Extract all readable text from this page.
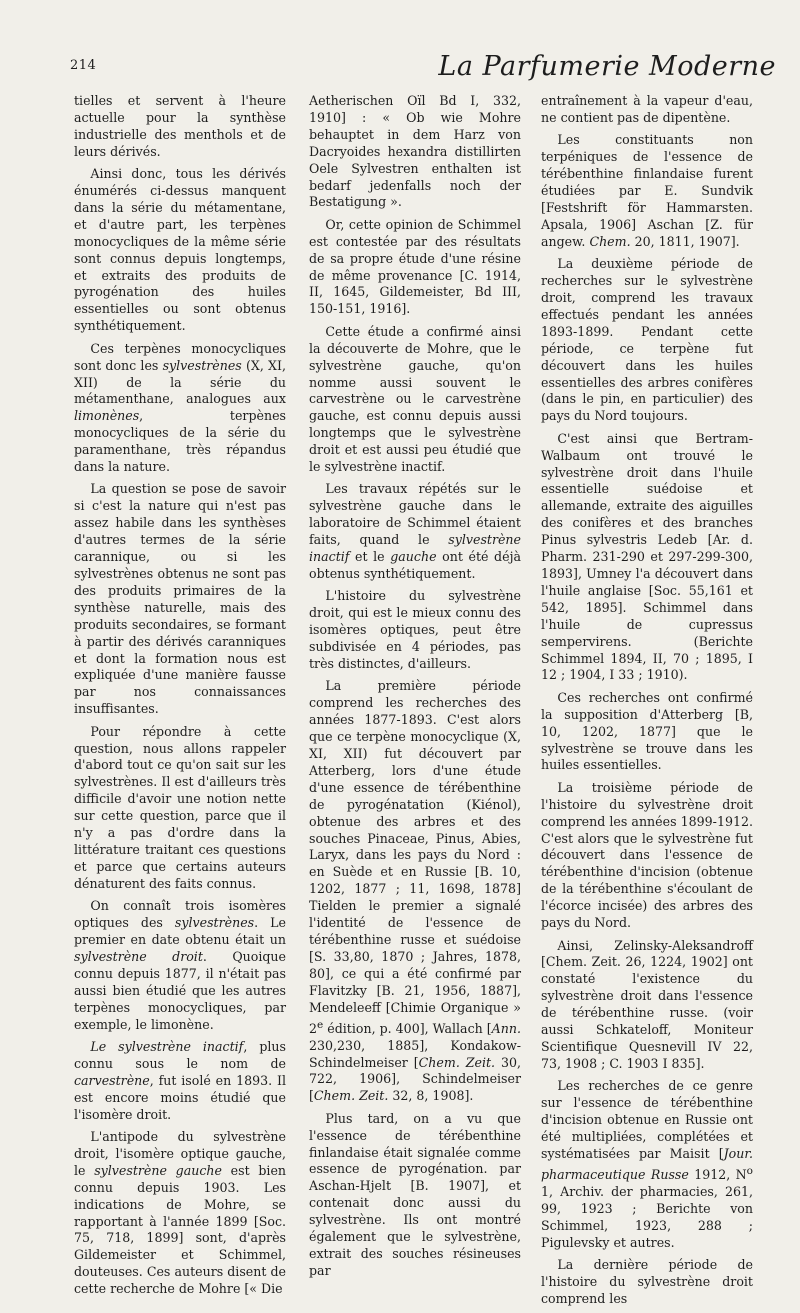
214	La Parfumerie Moderne

tielles et servent à l'heure actuelle pour la synthèse industrielle des menthols et de leurs dérivés.

Ainsi donc, tous les dérivés énumérés ci-dessus manquent dans la série du métamentane, et d'autre part, les terpènes monocycliques de la même série sont connus depuis longtemps, et extraits des produits de pyrogénation des huiles essentielles ou sont obtenus synthétiquement.

Ces terpènes monocycliques sont donc les sylvestrènes (X, XI, XII) de la série du métamenthane, analogues aux limonènes, terpènes monocycliques de la série du paramenthane, très répandus dans la nature.

La question se pose de savoir si c'est la nature qui n'est pas assez habile dans les synthèses d'autres termes de la série carannique, ou si les sylvestrènes obtenus ne sont pas des produits primaires de la synthèse naturelle, mais des produits secondaires, se formant à partir des dérivés caranniques et dont la formation nous est expliquée d'une manière fausse par nos connaissances insuffisantes.

Pour répondre à cette question, nous allons rappeler d'abord tout ce qu'on sait sur les sylvestrènes. Il est d'ailleurs très difficile d'avoir une notion nette sur cette question, parce que il n'y a pas d'ordre dans la littérature traitant ces questions et parce que certains auteurs dénaturent des faits connus.

On connaît trois isomères optiques des sylvestrènes. Le premier en date obtenu était un sylvestrène droit. Quoique connu depuis 1877, il n'était pas aussi bien étudié que les autres terpènes monocycliques, par exemple, le limonène.

Le sylvestrène inactif, plus connu sous le nom de carvestrène, fut isolé en 1893. Il est encore moins étudié que l'isomère droit.

L'antipode du sylvestrène droit, l'isomère optique gauche, le sylvestrène gauche est bien connu depuis 1903. Les indications de Mohre, se rapportant à l'année 1899 [Soc. 75, 718, 1899] sont, d'après Gildemeister et Schimmel, douteuses. Ces auteurs disent de cette recherche de Mohre [« Die

Aetherischen Oïl Bd I, 332, 1910] : « Ob wie Mohre behauptet in dem Harz von Dacryoides hexandra distillirten Oele Sylvestren enthalten ist bedarf jedenfalls noch der Bestatigung ».

Or, cette opinion de Schimmel est contestée par des résultats de sa propre étude d'une résine de même provenance [C. 1914, II, 1645, Gildemeister, Bd III, 150-151, 1916].

Cette étude a confirmé ainsi la découverte de Mohre, que le sylvestrène gauche, qu'on nomme aussi souvent le carvestrène ou le carvestrène gauche, est connu depuis aussi longtemps que le sylvestrène droit et est aussi peu étudié que le sylvestrène inactif.

Les travaux répétés sur le sylvestrène gauche dans le laboratoire de Schimmel étaient faits, quand le sylvestrène inactif et le gauche ont été déjà obtenus synthétiquement.

L'histoire du sylvestrène droit, qui est le mieux connu des isomères optiques, peut être subdivisée en 4 périodes, pas très distinctes, d'ailleurs.

La première période comprend les recherches des années 1877-1893. C'est alors que ce terpène monocyclique (X, XI, XII) fut découvert par Atterberg, lors d'une étude d'une essence de térébenthine de pyrogénatation (Kiénol), obtenue des arbres et des souches Pinaceae, Pinus, Abies, Laryx, dans les pays du Nord : en Suède et en Russie [B. 10, 1202, 1877 ; 11, 1698, 1878] Tielden le premier a signalé l'identité de l'essence de térébenthine russe et suédoise [S. 33,80, 1870 ; Jahres, 1878, 80], ce qui a été confirmé par Flavitzky [B. 21, 1956, 1887], Mendeleeff [Chimie Organique » 2e édition, p. 400], Wallach [Ann. 230,230, 1885], Kondakow-Schindelmeiser [Chem. Zeit. 30, 722, 1906], Schindelmeiser [Chem. Zeit. 32, 8, 1908].

Plus tard, on a vu que l'essence de térébenthine finlandaise était signalée comme essence de pyrogénation. par Aschan-Hjelt [B. 1907], et contenait donc aussi du sylvestrène. Ils ont montré également que le sylvestrène, extrait des souches résineuses par

entraînement à la vapeur d'eau, ne contient pas de dipentène.

Les constituants non terpéniques de l'essence de térébenthine finlandaise furent étudiées par E. Sundvik [Festshrift för Hammarsten. Apsala, 1906] Aschan [Z. für angew. Chem. 20, 1811, 1907].

La deuxième période de recherches sur le sylvestrène droit, comprend les travaux effectués pendant les années 1893-1899. Pendant cette période, ce terpène fut découvert dans les huiles essentielles des arbres conifères (dans le pin, en particulier) des pays du Nord toujours.

C'est ainsi que Bertram-Walbaum ont trouvé le sylvestrène droit dans l'huile essentielle suédoise et allemande, extraite des aiguilles des conifères et des branches Pinus sylvestris Ledeb [Ar. d. Pharm. 231-290 et 297-299-300, 1893], Umney l'a découvert dans l'huile anglaise [Soc. 55,161 et 542, 1895]. Schimmel dans l'huile de cupressus sempervirens. (Berichte Schimmel 1894, II, 70 ; 1895, I 12 ; 1904, I 33 ; 1910).

Ces recherches ont confirmé la supposition d'Atterberg [B, 10, 1202, 1877] que le sylvestrène se trouve dans les huiles essentielles.

La troisième période de l'histoire du sylvestrène droit comprend les années 1899-1912. C'est alors que le sylvestrène fut découvert dans l'essence de térébenthine d'incision (obtenue de la térébenthine s'écoulant de l'écorce incisée) des arbres des pays du Nord.

Ainsi, Zelinsky-Aleksandroff [Chem. Zeit. 26, 1224, 1902] ont constaté l'existence du sylvestrène droit dans l'essence de térébenthine russe. (voir aussi Schkateloff, Moniteur Scientifique Quesnevill IV 22, 73, 1908 ; C. 1903 I 835].

Les recherches de ce genre sur l'essence de térébenthine d'incision obtenue en Russie ont été multipliées, complétées et systématisées par Maisit [Jour. pharmaceutique Russe 1912, $N^o$ 1, Archiv. der pharmacies, 261, 99, 1923 ; Berichte von Schimmel, 1923, 288 ; Pigulevsky et autres.

La dernière période de l'histoire du sylvestrène droit comprend les
